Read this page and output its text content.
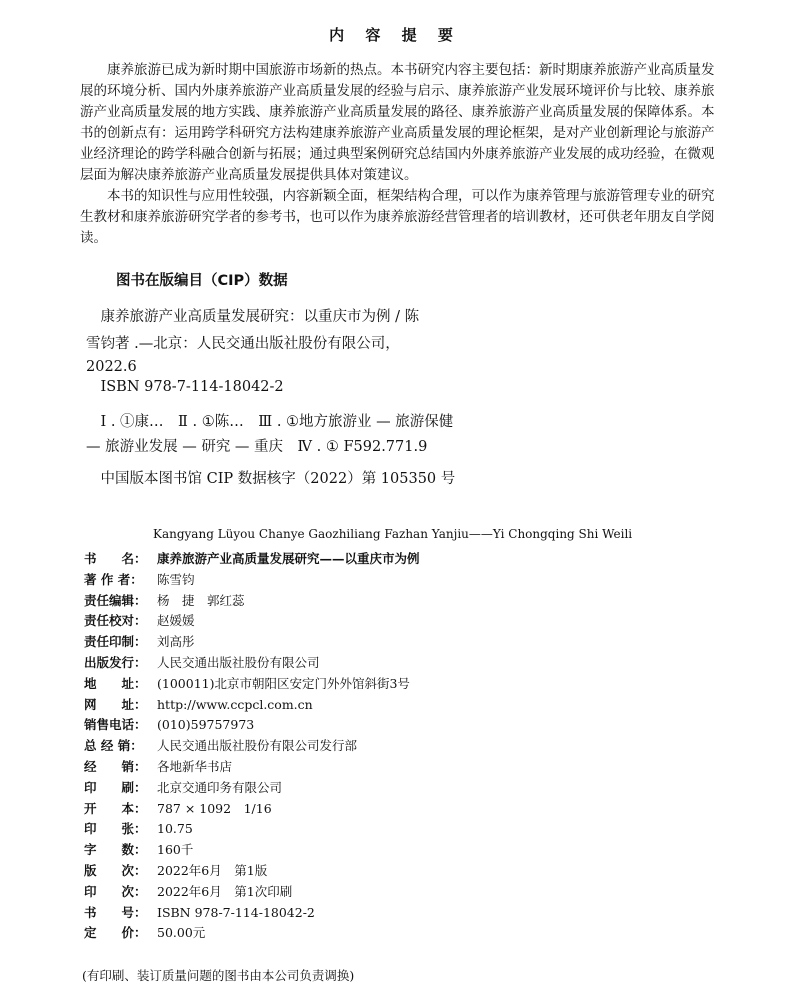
内 容 提 要

康养旅游已成为新时期中国旅游市场新的热点。本书研究内容主要包括：新时期康养旅游产业高质量发展的环境分析、国内外康养旅游产业高质量发展的经验与启示、康养旅游产业发展环境评价与比较、康养旅游产业高质量发展的地方实践、康养旅游产业高质量发展的路径、康养旅游产业高质量发展的保障体系。本书的创新点有：运用跨学科研究方法构建康养旅游产业高质量发展的理论框架，是对产业创新理论与旅游产业经济理论的跨学科融合创新与拓展；通过典型案例研究总结国内外康养旅游产业发展的成功经验，在微观层面为解决康养旅游产业高质量发展提供具体对策建议。

本书的知识性与应用性较强，内容新颖全面，框架结构合理，可以作为康养管理与旅游管理专业的研究生教材和康养旅游研究学者的参考书，也可以作为康养旅游经营管理者的培训教材，还可供老年朋友自学阅读。

图书在版编目（CIP）数据
　康养旅游产业高质量发展研究：以重庆市为例 / 陈
雪钧著 .—北京：人民交通出版社股份有限公司，
2022.6
　ISBN 978-7-114-18042-2
　Ⅰ . ①康…　Ⅱ . ①陈…　Ⅲ . ①地方旅游业 — 旅游保健
— 旅游业发展 — 研究 — 重庆　Ⅳ . ① F592.771.9
　中国版本图书馆 CIP 数据核字（2022）第 105350 号
Kangyang Lüyou Chanye Gaozhiliang Fazhan Yanjiu——Yi Chongqing Shi Weili
书　　名： 康养旅游产业高质量发展研究——以重庆市为例
著 作 者：	陈雪钧
责任编辑： 杨　捷　郭红蕊
责任校对： 赵媛媛
责任印制： 刘高彤
出版发行： 人民交通出版社股份有限公司
地　　址： (100011)北京市朝阳区安定门外外馆斜街3号
网　　址： http://www.ccpcl.com.cn
销售电话： (010)59757973
总 经 销：	人民交通出版社股份有限公司发行部
经　　销： 各地新华书店
印　　刷： 北京交通印务有限公司
开　　本： 787 × 1092　1/16
印　　张： 10.75
字　　数： 160千
版　　次： 2022年6月　第1版
印　　次： 2022年6月　第1次印刷
书　　号： ISBN 978-7-114-18042-2
定　　价： 50.00元
(有印刷、装订质量问题的图书由本公司负责调换)
